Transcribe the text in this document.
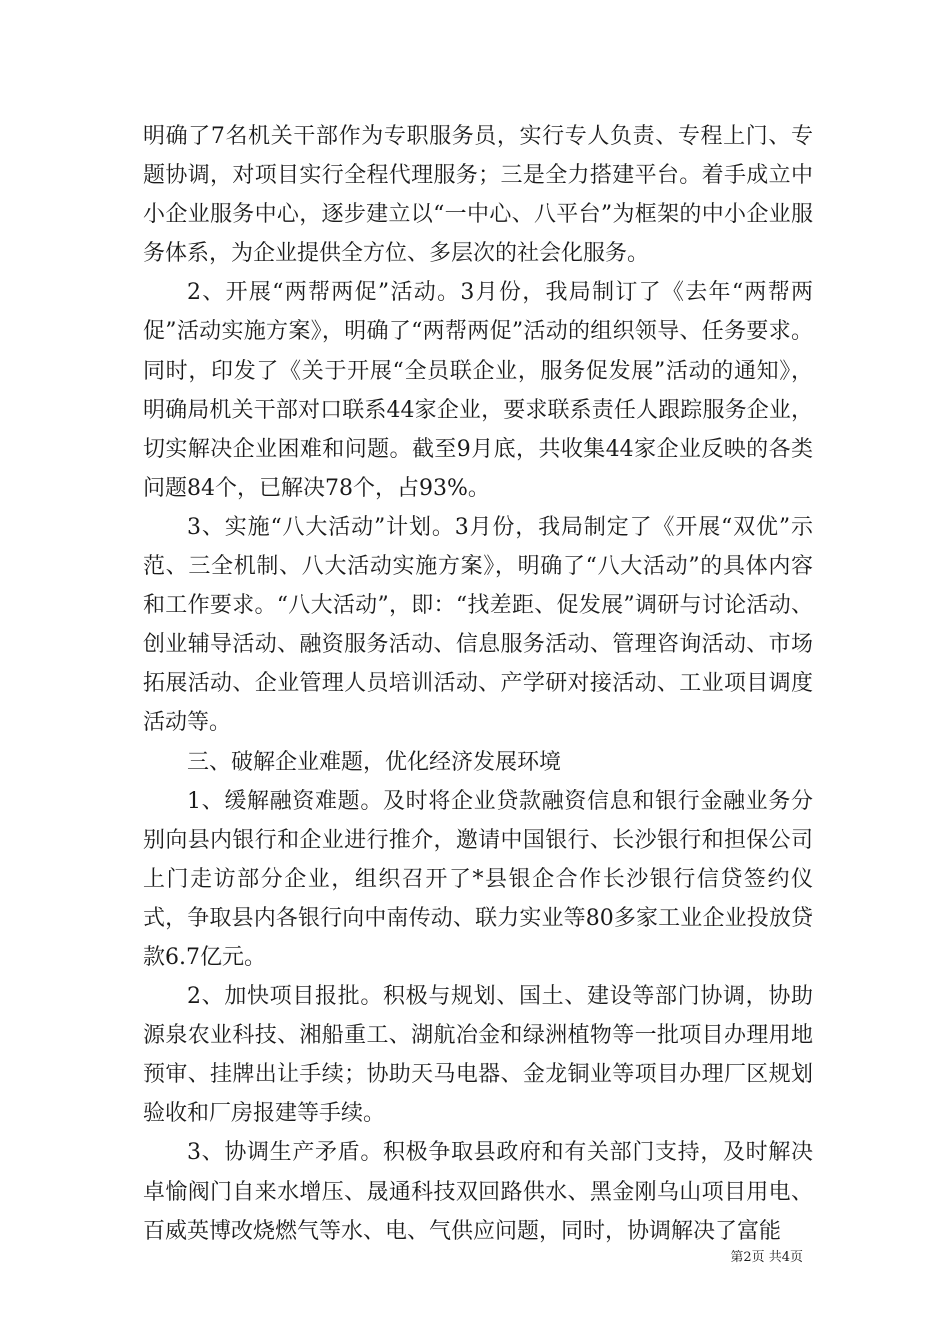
明确了7名机关干部作为专职服务员，实行专人负责、专程上门、专题协调，对项目实行全程代理服务；三是全力搭建平台。着手成立中小企业服务中心，逐步建立以“一中心、八平台”为框架的中小企业服务体系，为企业提供全方位、多层次的社会化服务。

2、开展“两帮两促”活动。3月份，我局制订了《去年“两帮两促”活动实施方案》，明确了“两帮两促”活动的组织领导、任务要求。同时，印发了《关于开展“全员联企业，服务促发展”活动的通知》，明确局机关干部对口联系44家企业，要求联系责任人跟踪服务企业，切实解决企业困难和问题。截至9月底，共收集44家企业反映的各类问题84个，已解决78个，占93%。

3、实施“八大活动”计划。3月份，我局制定了《开展“双优”示范、三全机制、八大活动实施方案》，明确了“八大活动”的具体内容和工作要求。“八大活动”，即：“找差距、促发展”调研与讨论活动、创业辅导活动、融资服务活动、信息服务活动、管理咨询活动、市场拓展活动、企业管理人员培训活动、产学研对接活动、工业项目调度活动等。

三、破解企业难题，优化经济发展环境

1、缓解融资难题。及时将企业贷款融资信息和银行金融业务分别向县内银行和企业进行推介，邀请中国银行、长沙银行和担保公司上门走访部分企业，组织召开了*县银企合作长沙银行信贷签约仪式，争取县内各银行向中南传动、联力实业等80多家工业企业投放贷款6.7亿元。

2、加快项目报批。积极与规划、国土、建设等部门协调，协助源泉农业科技、湘船重工、湖航冶金和绿洲植物等一批项目办理用地预审、挂牌出让手续；协助天马电器、金龙铜业等项目办理厂区规划验收和厂房报建等手续。

3、协调生产矛盾。积极争取县政府和有关部门支持，及时解决卓愉阀门自来水增压、晟通科技双回路供水、黑金刚乌山项目用电、百威英博改烧燃气等水、电、气供应问题，同时，协调解决了富能

第2页 共4页
